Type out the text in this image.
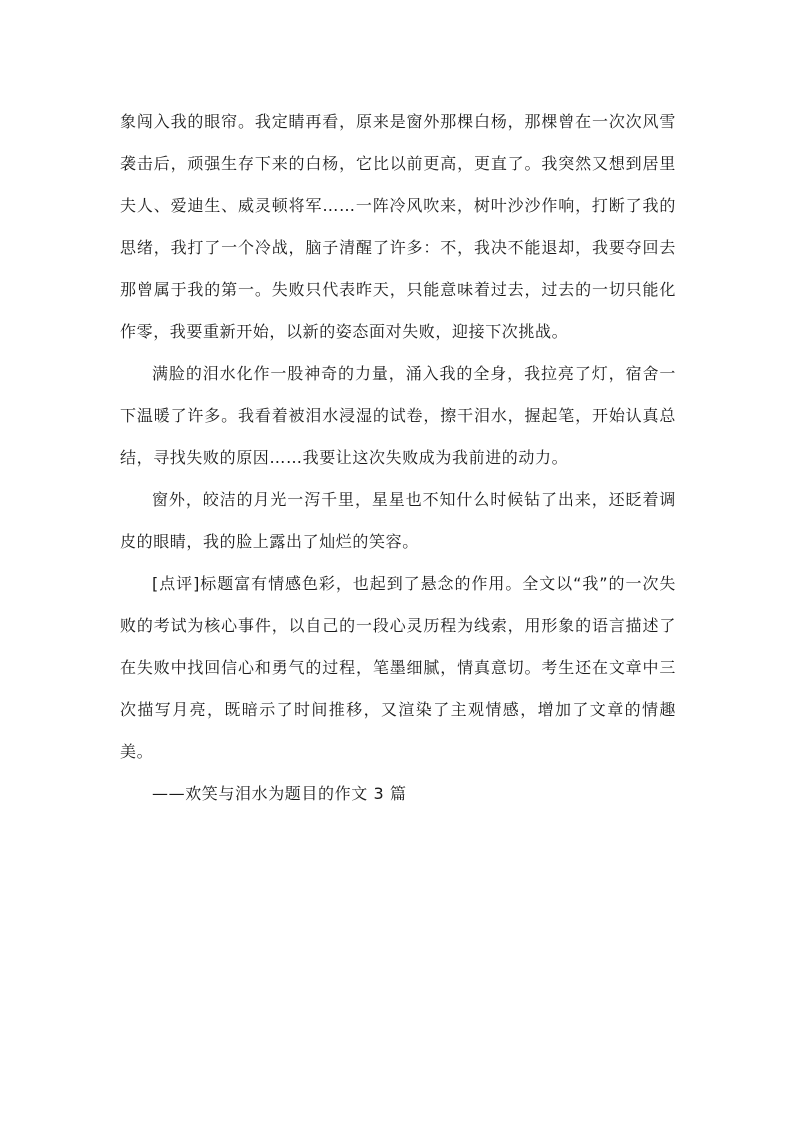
象闯入我的眼帘。我定睛再看，原来是窗外那棵白杨，那棵曾在一次次风雪袭击后，顽强生存下来的白杨，它比以前更高，更直了。我突然又想到居里夫人、爱迪生、威灵顿将军……一阵冷风吹来，树叶沙沙作响，打断了我的思绪，我打了一个冷战，脑子清醒了许多：不，我决不能退却，我要夺回去那曾属于我的第一。失败只代表昨天，只能意味着过去，过去的一切只能化作零，我要重新开始，以新的姿态面对失败，迎接下次挑战。

满脸的泪水化作一股神奇的力量，涌入我的全身，我拉亮了灯，宿舍一下温暖了许多。我看着被泪水浸湿的试卷，擦干泪水，握起笔，开始认真总结，寻找失败的原因……我要让这次失败成为我前进的动力。

窗外，皎洁的月光一泻千里，星星也不知什么时候钻了出来，还眨着调皮的眼睛，我的脸上露出了灿烂的笑容。

[点评]标题富有情感色彩，也起到了悬念的作用。全文以“我”的一次失败的考试为核心事件，以自己的一段心灵历程为线索，用形象的语言描述了在失败中找回信心和勇气的过程，笔墨细腻，情真意切。考生还在文章中三次描写月亮，既暗示了时间推移，又渲染了主观情感，增加了文章的情趣美。

——欢笑与泪水为题目的作文 3 篇
